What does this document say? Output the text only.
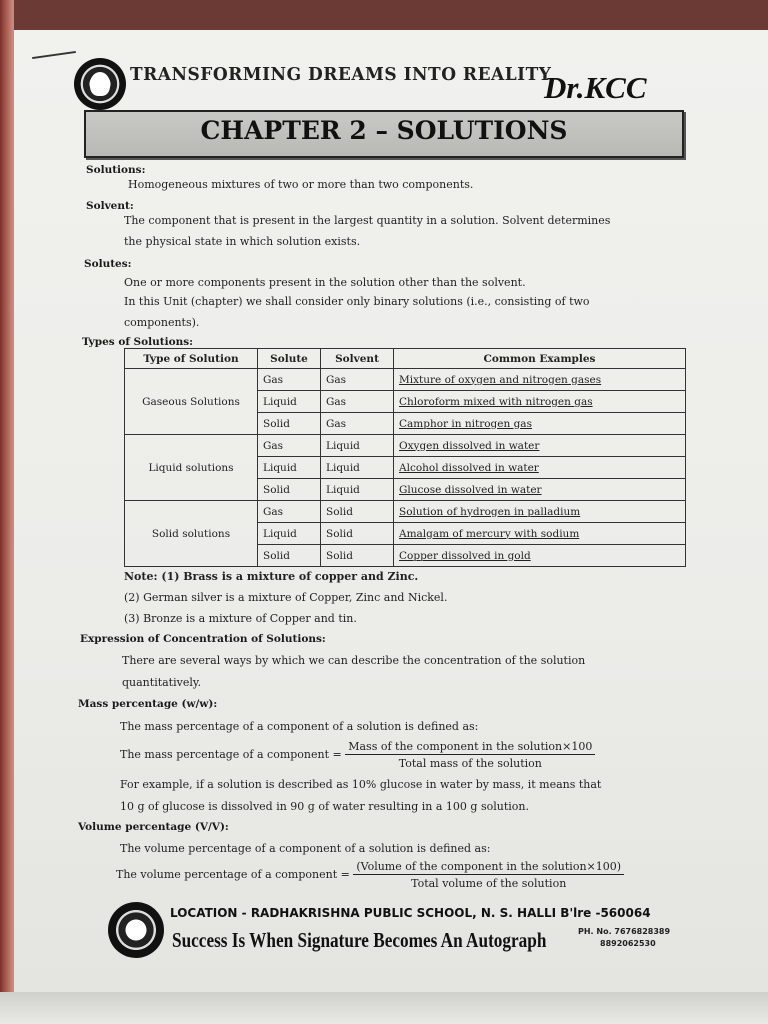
TRANSFORMING DREAMS INTO REALITY
Dr.KCC
CHAPTER 2 – SOLUTIONS
Solutions:
Homogeneous mixtures of two or more than two components.
Solvent:
The component that is present in the largest quantity in a solution. Solvent determines
the physical state in which solution exists.
Solutes:
One or more components present in the solution other than the solvent.
In this Unit (chapter) we shall consider only binary solutions (i.e., consisting of two
components).
Types of Solutions:
Type of Solution	Solute	Solvent	Common Examples
Gaseous Solutions	Gas	Gas	Mixture of oxygen and nitrogen gases
	Liquid	Gas	Chloroform mixed with nitrogen gas
	Solid	Gas	Camphor in nitrogen gas
Liquid solutions	Gas	Liquid	Oxygen dissolved in water
	Liquid	Liquid	Alcohol dissolved in water
	Solid	Liquid	Glucose dissolved in water
Solid solutions	Gas	Solid	Solution of hydrogen in palladium
	Liquid	Solid	Amalgam of mercury with sodium
	Solid	Solid	Copper dissolved in gold
Note: (1) Brass is a mixture of copper and Zinc.
(2) German silver is a mixture of Copper, Zinc and Nickel.
(3) Bronze is a mixture of Copper and tin.
Expression of Concentration of Solutions:
There are several ways by which we can describe the concentration of the solution
quantitatively.
Mass percentage (w/w):
The mass percentage of a component of a solution is defined as:
The mass percentage of a component = $\frac{\text{Mass of the component in the solution×100}}{\text{Total mass of the solution}}$
For example, if a solution is described as 10% glucose in water by mass, it means that
10 g of glucose is dissolved in 90 g of water resulting in a 100 g solution.
Volume percentage (V/V):
The volume percentage of a component of a solution is defined as:
The volume percentage of a component = $\frac{\text{(Volume of the component in the solution×100)}}{\text{Total volume of the solution}}$
LOCATION - RADHAKRISHNA PUBLIC SCHOOL, N. S. HALLI B'lre -560064
Success Is When Signature Becomes An Autograph	PH. No. 7676828389
8892062530
